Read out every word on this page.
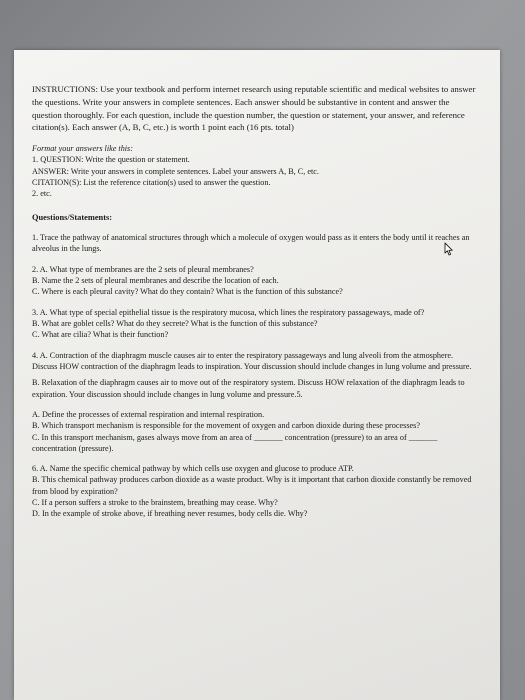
INSTRUCTIONS: Use your textbook and perform internet research using reputable scientific and medical websites to answer the questions. Write your answers in complete sentences. Each answer should be substantive in content and answer the question thoroughly. For each question, include the question number, the question or statement, your answer, and reference citation(s). Each answer (A, B, C, etc.) is worth 1 point each (16 pts. total)

Format your answers like this:

1. QUESTION: Write the question or statement.

ANSWER: Write your answers in complete sentences. Label your answers A, B, C, etc.

CITATION(S): List the reference citation(s) used to answer the question.

2. etc.

Questions/Statements:

1. Trace the pathway of anatomical structures through which a molecule of oxygen would pass as it enters the body until it reaches an alveolus in the lungs.

2. A. What type of membranes are the 2 sets of pleural membranes?

B. Name the 2 sets of pleural membranes and describe the location of each.

C. Where is each pleural cavity? What do they contain? What is the function of this substance?

3. A. What type of special epithelial tissue is the respiratory mucosa, which lines the respiratory passageways, made of?

B. What are goblet cells? What do they secrete? What is the function of this substance?

C. What are cilia? What is their function?

4. A. Contraction of the diaphragm muscle causes air to enter the respiratory passageways and lung alveoli from the atmosphere. Discuss HOW contraction of the diaphragm leads to inspiration. Your discussion should include changes in lung volume and pressure.

B. Relaxation of the diaphragm causes air to move out of the respiratory system. Discuss HOW relaxation of the diaphragm leads to expiration. Your discussion should include changes in lung volume and pressure.5.

A. Define the processes of external respiration and internal respiration.

B. Which transport mechanism is responsible for the movement of oxygen and carbon dioxide during these processes?

C. In this transport mechanism, gases always move from an area of _______ concentration (pressure) to an area of _______ concentration (pressure).

6. A. Name the specific chemical pathway by which cells use oxygen and glucose to produce ATP.

B. This chemical pathway produces carbon dioxide as a waste product. Why is it important that carbon dioxide constantly be removed from blood by expiration?

C. If a person suffers a stroke to the brainstem, breathing may cease. Why?

D. In the example of stroke above, if breathing never resumes, body cells die. Why?
